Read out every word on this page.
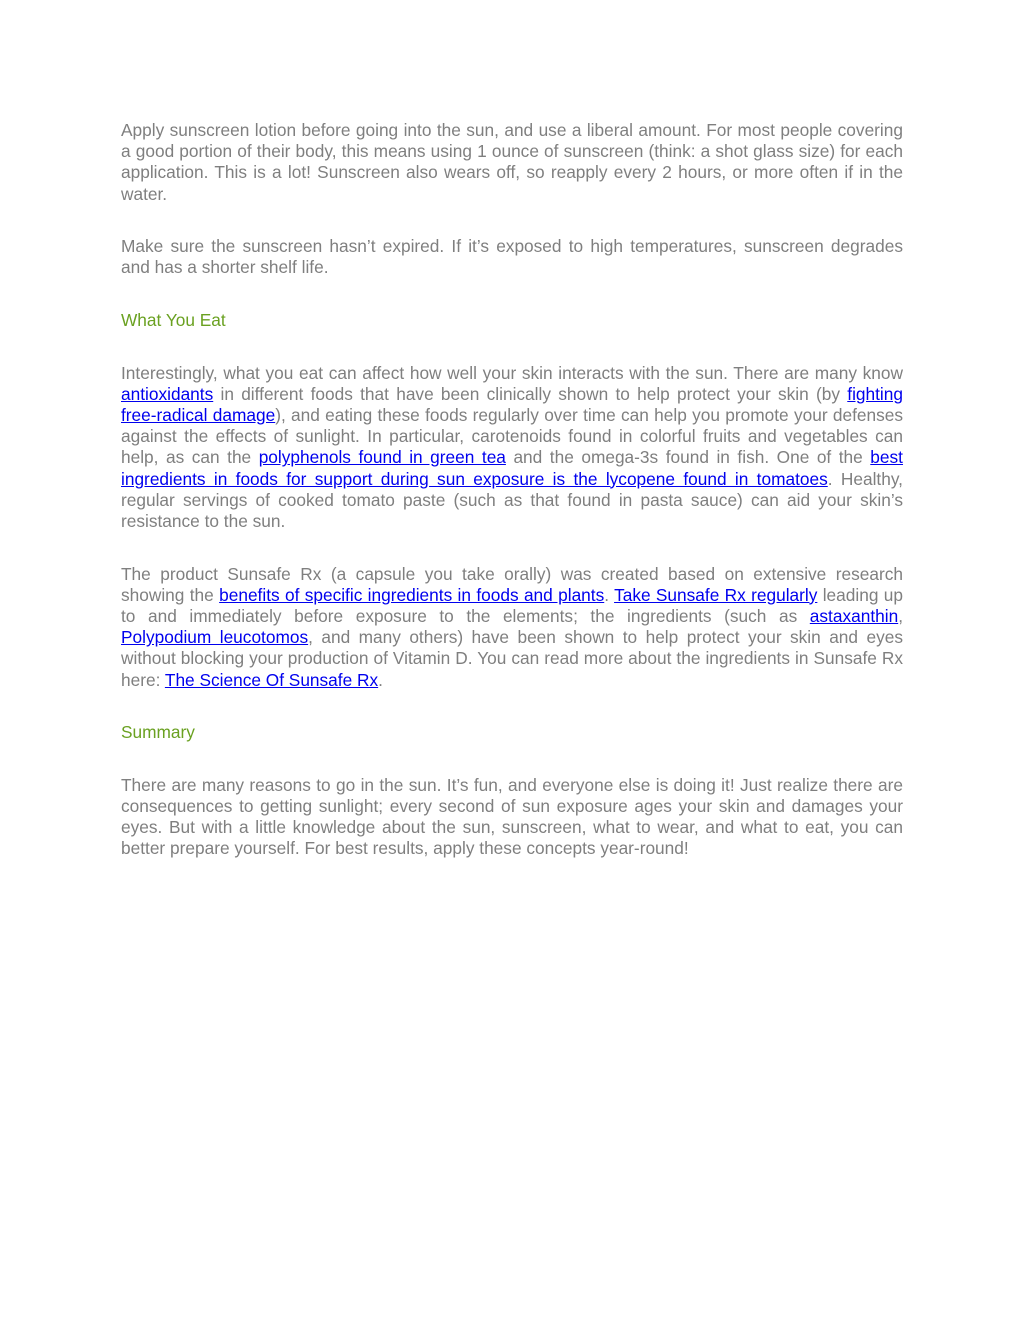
Apply sunscreen lotion before going into the sun, and use a liberal amount. For most people covering a good portion of their body, this means using 1 ounce of sunscreen (think: a shot glass size) for each application. This is a lot! Sunscreen also wears off, so reapply every 2 hours, or more often if in the water.

Make sure the sunscreen hasn’t expired. If it’s exposed to high temperatures, sunscreen degrades and has a shorter shelf life.

What You Eat

Interestingly, what you eat can affect how well your skin interacts with the sun. There are many know antioxidants in different foods that have been clinically shown to help protect your skin (by fighting free-radical damage), and eating these foods regularly over time can help you promote your defenses against the effects of sunlight. In particular, carotenoids found in colorful fruits and vegetables can help, as can the polyphenols found in green tea and the omega-3s found in fish. One of the best ingredients in foods for support during sun exposure is the lycopene found in tomatoes. Healthy, regular servings of cooked tomato paste (such as that found in pasta sauce) can aid your skin’s resistance to the sun.

The product Sunsafe Rx (a capsule you take orally) was created based on extensive research showing the benefits of specific ingredients in foods and plants. Take Sunsafe Rx regularly leading up to and immediately before exposure to the elements; the ingredients (such as astaxanthin, Polypodium leucotomos, and many others) have been shown to help protect your skin and eyes without blocking your production of Vitamin D. You can read more about the ingredients in Sunsafe Rx here: The Science Of Sunsafe Rx.

Summary

There are many reasons to go in the sun. It’s fun, and everyone else is doing it! Just realize there are consequences to getting sunlight; every second of sun exposure ages your skin and damages your eyes. But with a little knowledge about the sun, sunscreen, what to wear, and what to eat, you can better prepare yourself. For best results, apply these concepts year-round!
